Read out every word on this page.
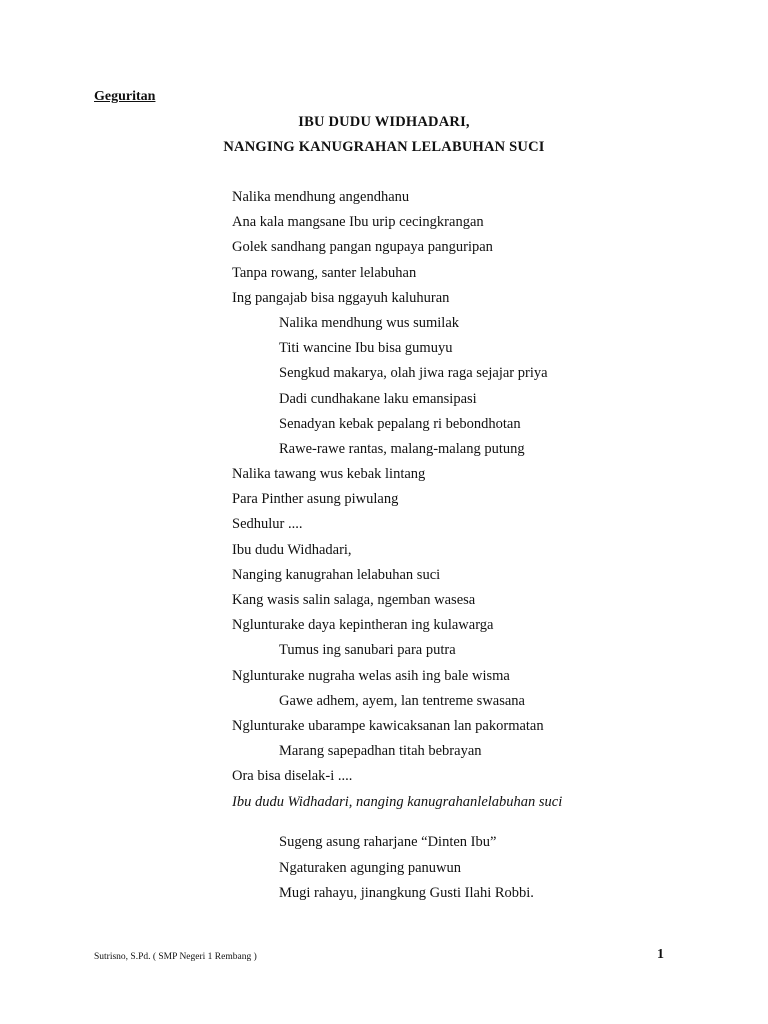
Geguritan
IBU DUDU WIDHADARI,
NANGING KANUGRAHAN LELABUHAN SUCI
Nalika mendhung angendhanu
Ana kala mangsane Ibu urip cecingkrangan
Golek sandhang pangan ngupaya panguripan
Tanpa rowang, santer lelabuhan
Ing pangajab bisa nggayuh kaluhuran
Nalika mendhung wus sumilak
Titi wancine Ibu bisa gumuyu
Sengkud makarya, olah jiwa raga sejajar priya
Dadi cundhakane laku emansipasi
Senadyan kebak pepalang ri bebondhotan
Rawe-rawe rantas, malang-malang putung
Nalika tawang wus kebak lintang
Para Pinther asung piwulang
Sedhulur ....
Ibu dudu Widhadari,
Nanging kanugrahan lelabuhan suci
Kang wasis salin salaga, ngemban wasesa
Nglunturake daya kepintheran ing kulawarga
Tumus ing sanubari para putra
Nglunturake nugraha welas asih ing bale wisma
Gawe adhem, ayem, lan tentreme swasana
Nglunturake ubarampe kawicaksanan lan pakormatan
Marang sapepadhan titah bebrayan
Ora bisa diselak-i ....
Ibu dudu Widhadari, nanging kanugrahanlelabuhan suci
Sugeng asung raharjane “Dinten Ibu”
Ngaturaken agunging panuwun
Mugi rahayu, jinangkung Gusti Ilahi Robbi.
Sutrisno, S.Pd. ( SMP Negeri 1 Rembang )	1
